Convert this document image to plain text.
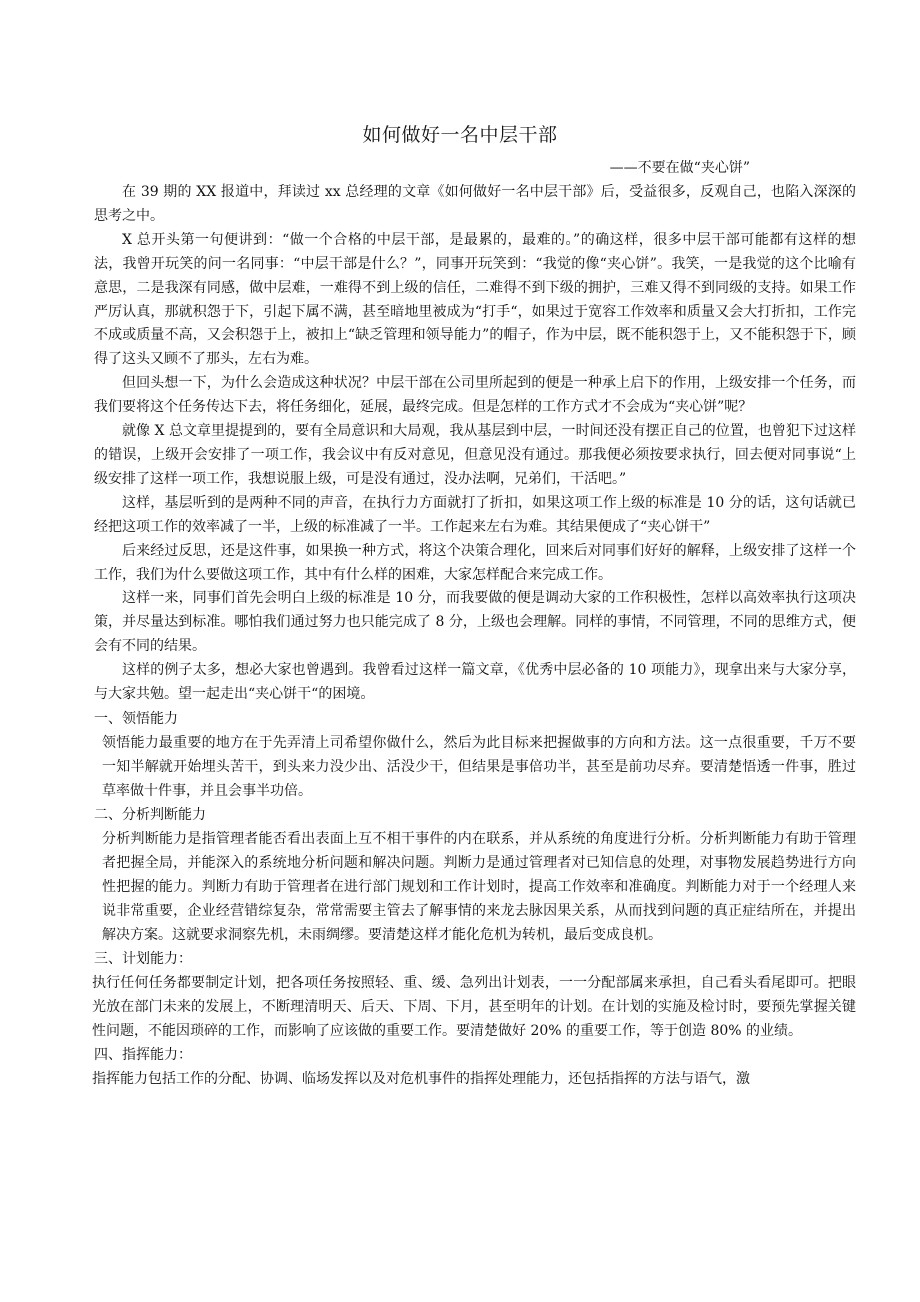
如何做好一名中层干部
——不要在做“夹心饼”

在 39 期的 XX 报道中，拜读过 xx 总经理的文章《如何做好一名中层干部》后，受益很多，反观自己，也陷入深深的思考之中。

X 总开头第一句便讲到：“做一个合格的中层干部，是最累的，最难的。”的确这样，很多中层干部可能都有这样的想法，我曾开玩笑的问一名同事：“中层干部是什么？”，同事开玩笑到：“我觉的像“夹心饼”。我笑，一是我觉的这个比喻有意思，二是我深有同感，做中层难，一难得不到上级的信任，二难得不到下级的拥护，三难又得不到同级的支持。如果工作严厉认真，那就积怨于下，引起下属不满，甚至暗地里被成为“打手“，如果过于宽容工作效率和质量又会大打折扣，工作完不成或质量不高，又会积怨于上，被扣上“缺乏管理和领导能力”的帽子，作为中层，既不能积怨于上，又不能积怨于下，顾得了这头又顾不了那头，左右为难。

但回头想一下，为什么会造成这种状况？中层干部在公司里所起到的便是一种承上启下的作用，上级安排一个任务，而我们要将这个任务传达下去，将任务细化，延展，最终完成。但是怎样的工作方式才不会成为“夹心饼”呢？

就像 X 总文章里提提到的，要有全局意识和大局观，我从基层到中层，一时间还没有摆正自己的位置，也曾犯下过这样的错误，上级开会安排了一项工作，我会议中有反对意见，但意见没有通过。那我便必须按要求执行，回去便对同事说“上级安排了这样一项工作，我想说服上级，可是没有通过，没办法啊，兄弟们，干活吧。”

这样，基层听到的是两种不同的声音，在执行力方面就打了折扣，如果这项工作上级的标准是 10 分的话，这句话就已经把这项工作的效率减了一半，上级的标准减了一半。工作起来左右为难。其结果便成了“夹心饼干”

后来经过反思，还是这件事，如果换一种方式，将这个决策合理化，回来后对同事们好好的解释，上级安排了这样一个工作，我们为什么要做这项工作，其中有什么样的困难，大家怎样配合来完成工作。

这样一来，同事们首先会明白上级的标准是 10 分，而我要做的便是调动大家的工作积极性，怎样以高效率执行这项决策，并尽量达到标准。哪怕我们通过努力也只能完成了 8 分，上级也会理解。同样的事情，不同管理，不同的思维方式，便会有不同的结果。

这样的例子太多，想必大家也曾遇到。我曾看过这样一篇文章，《优秀中层必备的 10 项能力》，现拿出来与大家分享，与大家共勉。望一起走出“夹心饼干“的困境。

一、领悟能力

领悟能力最重要的地方在于先弄清上司希望你做什么，然后为此目标来把握做事的方向和方法。这一点很重要，千万不要一知半解就开始埋头苦干，到头来力没少出、活没少干，但结果是事倍功半，甚至是前功尽弃。要清楚悟透一件事，胜过草率做十件事，并且会事半功倍。

二、分析判断能力

分析判断能力是指管理者能否看出表面上互不相干事件的内在联系，并从系统的角度进行分析。分析判断能力有助于管理者把握全局，并能深入的系统地分析问题和解决问题。判断力是通过管理者对已知信息的处理，对事物发展趋势进行方向性把握的能力。判断力有助于管理者在进行部门规划和工作计划时，提高工作效率和准确度。判断能力对于一个经理人来说非常重要，企业经营错综复杂，常常需要主管去了解事情的来龙去脉因果关系，从而找到问题的真正症结所在，并提出解决方案。这就要求洞察先机，未雨绸缪。要清楚这样才能化危机为转机，最后变成良机。

三、计划能力：

执行任何任务都要制定计划，把各项任务按照轻、重、缓、急列出计划表，一一分配部属来承担，自己看头看尾即可。把眼光放在部门未来的发展上，不断理清明天、后天、下周、下月，甚至明年的计划。在计划的实施及检讨时，要预先掌握关键性问题，不能因琐碎的工作，而影响了应该做的重要工作。要清楚做好 20% 的重要工作，等于创造 80% 的业绩。

四、指挥能力：

指挥能力包括工作的分配、协调、临场发挥以及对危机事件的指挥处理能力，还包括指挥的方法与语气，激
